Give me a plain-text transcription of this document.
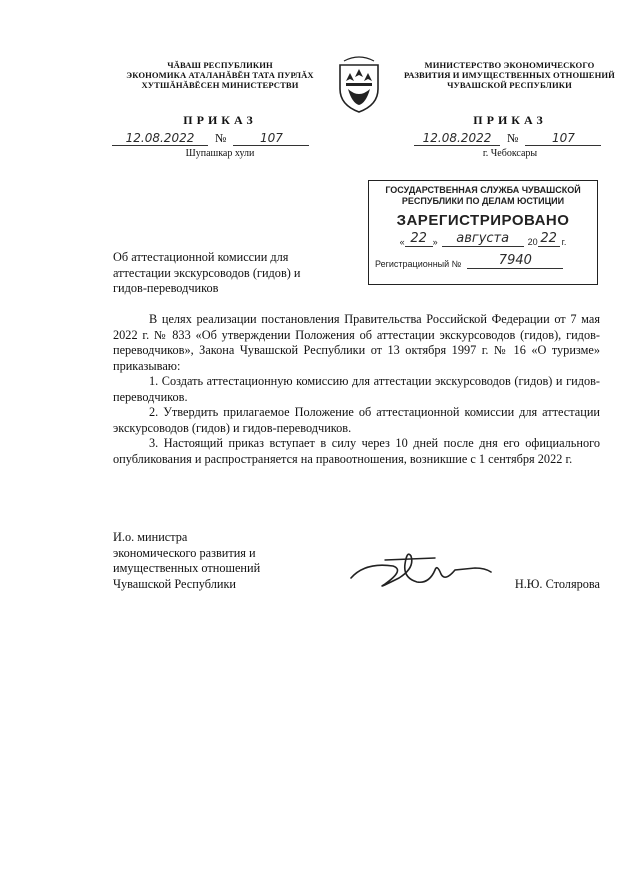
ЧĂВАШ РЕСПУБЛИКИН
ЭКОНОМИКА АТАЛАНĂВĔН ТАТА ПУРЛĂХ
ХУТШĂНĂВĔСЕН МИНИСТЕРСТВИ
МИНИСТЕРСТВО ЭКОНОМИЧЕСКОГО
РАЗВИТИЯ И ИМУЩЕСТВЕННЫХ ОТНОШЕНИЙ
ЧУВАШСКОЙ РЕСПУБЛИКИ
ПРИКАЗ
12.08.2022 №	107
Шупашкар хули
ПРИКАЗ
12.08.2022 №	107
г. Чебоксары
ГОСУДАРСТВЕННАЯ СЛУЖБА ЧУВАШСКОЙ
РЕСПУБЛИКИ ПО ДЕЛАМ ЮСТИЦИИ
ЗАРЕГИСТРИРОВАНО
« 22 »	августа	20 22 г.
Регистрационный №	7940
Об аттестационной комиссии для
аттестации экскурсоводов (гидов) и
гидов-переводчиков

В целях реализации постановления Правительства Российской Федерации от 7 мая 2022 г. № 833 «Об утверждении Положения об аттестации экскурсоводов (гидов), гидов-переводчиков», Закона Чувашской Республики от 13 октября 1997 г. № 16 «О туризме» приказываю:

1. Создать аттестационную комиссию для аттестации экскурсоводов (гидов) и гидов-переводчиков.

2. Утвердить прилагаемое Положение об аттестационной комиссии для аттестации экскурсоводов (гидов) и гидов-переводчиков.

3. Настоящий приказ вступает в силу через 10 дней после дня его официального опубликования и распространяется на правоотношения, возникшие с 1 сентября 2022 г.

И.о. министра
экономического развития и
имущественных отношений
Чувашской Республики	Н.Ю. Столярова
